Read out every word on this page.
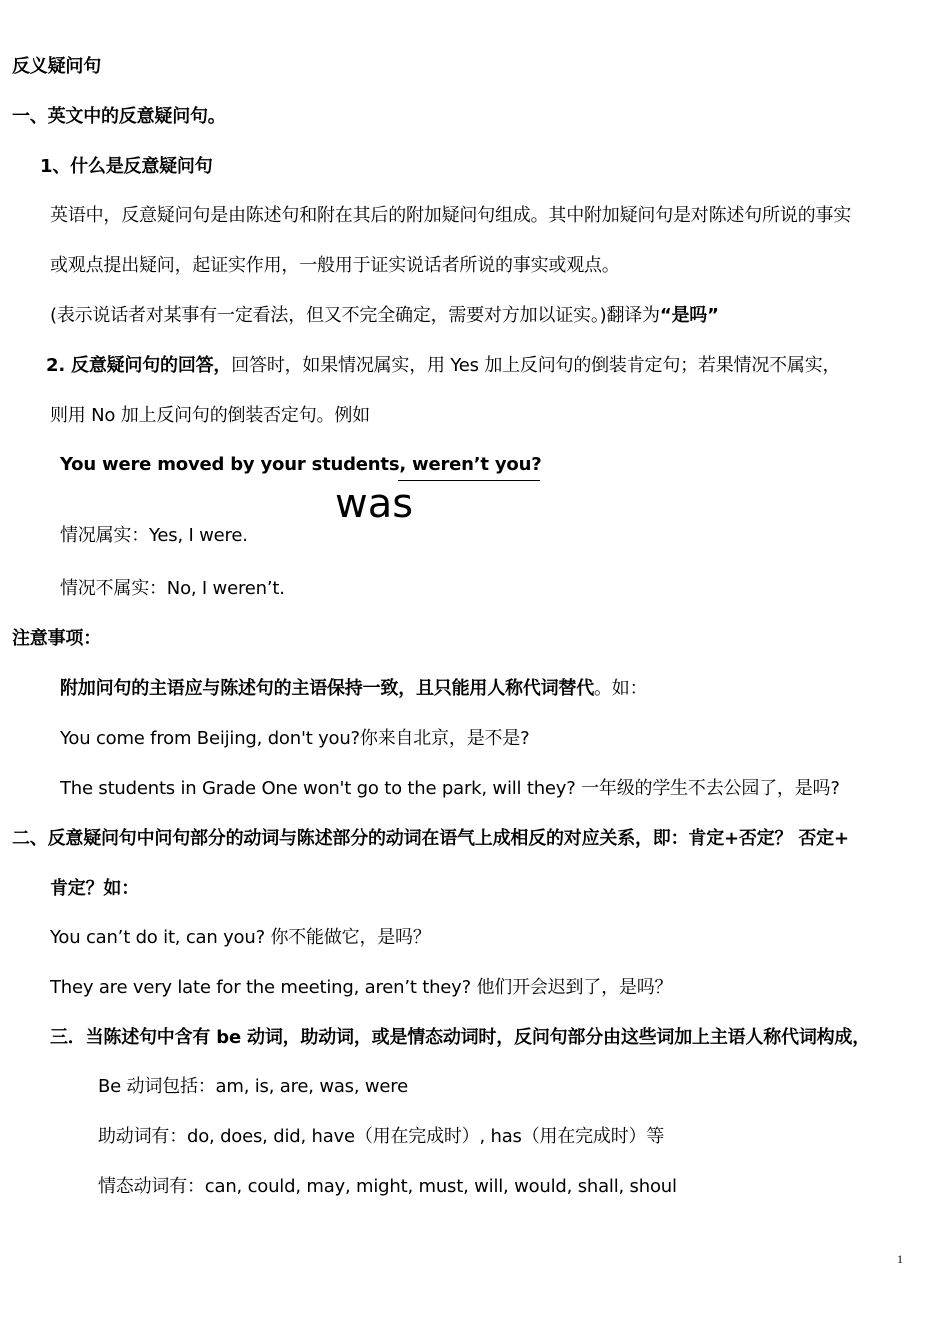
反义疑问句
一、英文中的反意疑问句。
1、什么是反意疑问句
英语中，反意疑问句是由陈述句和附在其后的附加疑问句组成。其中附加疑问句是对陈述句所说的事实
或观点提出疑问，起证实作用，一般用于证实说话者所说的事实或观点。
(表示说话者对某事有一定看法，但又不完全确定，需要对方加以证实。)翻译为“是吗”
2. 反意疑问句的回答，回答时，如果情况属实，用 Yes 加上反问句的倒装肯定句；若果情况不属实，
则用 No 加上反问句的倒装否定句。例如
You were moved by your students, weren’t you?
was
情况属实：Yes, I were.
情况不属实：No, I weren’t.
注意事项：
附加问句的主语应与陈述句的主语保持一致，且只能用人称代词替代。如：
You come from Beijing, don't you?你来自北京，是不是?
The students in Grade One won't go to the park, will they? 一年级的学生不去公园了，是吗?
二、反意疑问句中问句部分的动词与陈述部分的动词在语气上成相反的对应关系，即：肯定+否定？ 否定+
肯定？如：
You can’t do it, can you? 你不能做它，是吗？
They are very late for the meeting, aren’t they? 他们开会迟到了，是吗？
三．当陈述句中含有 be 动词，助动词，或是情态动词时，反问句部分由这些词加上主语人称代词构成，
Be 动词包括：am, is, are, was, were
助动词有：do, does, did, have（用在完成时）, has（用在完成时）等
情态动词有：can, could, may, might, must, will, would, shall, shoul
1
